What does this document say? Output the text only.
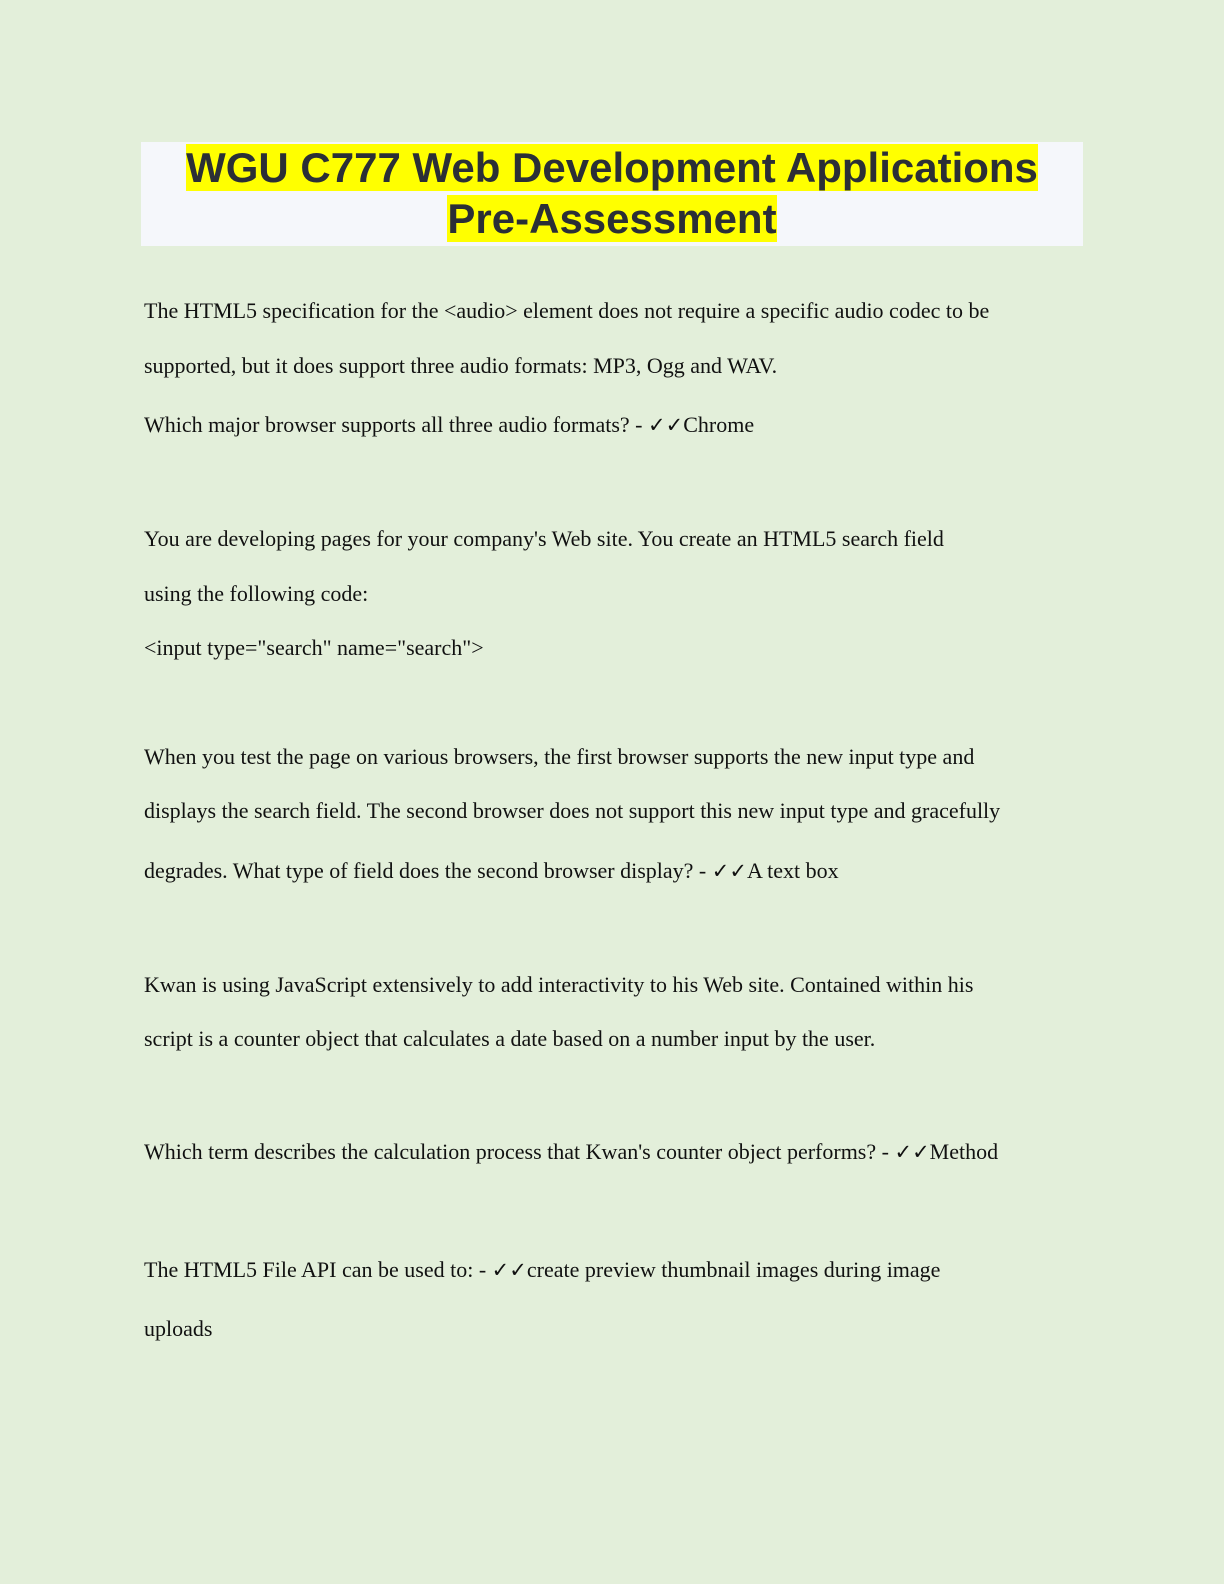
WGU C777 Web Development Applications
Pre-Assessment

The HTML5 specification for the <audio> element does not require a specific audio codec to be

supported, but it does support three audio formats: MP3, Ogg and WAV.

Which major browser supports all three audio formats? - ✓✓Chrome

You are developing pages for your company's Web site. You create an HTML5 search field

using the following code:

<input type="search" name="search">

When you test the page on various browsers, the first browser supports the new input type and

displays the search field. The second browser does not support this new input type and gracefully

degrades. What type of field does the second browser display? - ✓✓A text box

Kwan is using JavaScript extensively to add interactivity to his Web site. Contained within his

script is a counter object that calculates a date based on a number input by the user.

Which term describes the calculation process that Kwan's counter object performs? - ✓✓Method

The HTML5 File API can be used to: - ✓✓create preview thumbnail images during image

uploads
